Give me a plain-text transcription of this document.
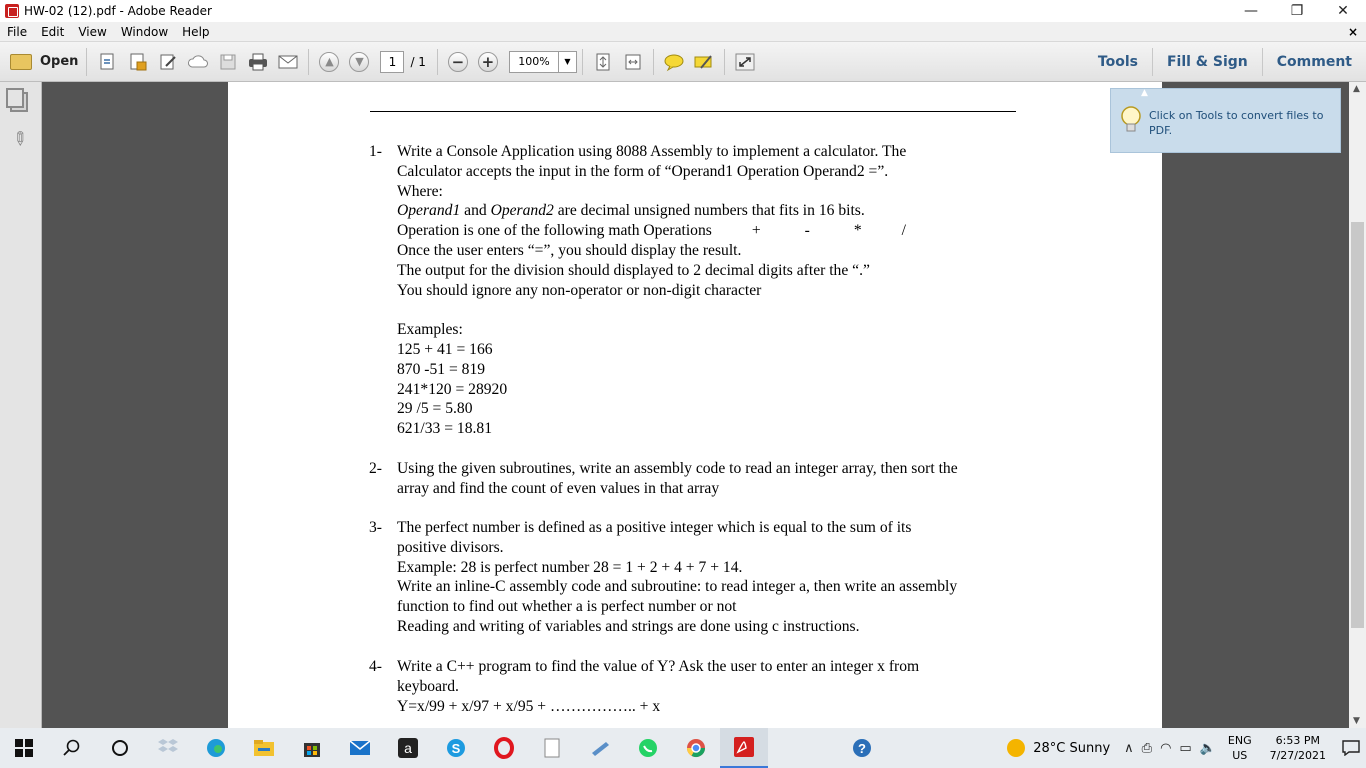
HW-02 (12).pdf - Adobe Reader	—	❐	✕
File	Edit	View	Window	Help	×
Open	▲	▼	1	/ 1 − +	100%	▼	Tools	Fill & Sign	Comment
✎	1- Write a Console Application using 8088 Assembly to implement a calculator. The

Calculator accepts the input in the form of “Operand1 Operation Operand2 =”.

Where:

Operand1 and Operand2 are decimal unsigned numbers that fits in 16 bits.

Operation is one of the following math Operations	+	-	*	/

Once the user enters “=”, you should display the result.

The output for the division should displayed to 2 decimal digits after the “.”

You should ignore any non-operator or non-digit character

Examples:

125 + 41 = 166

870 -51 = 819

241*120 = 28920

29 /5 = 5.80

621/33 = 18.81

2- Using the given subroutines, write an assembly code to read an integer array, then sort the

array and find the count of even values in that array

3- The perfect number is defined as a positive integer which is equal to the sum of its

positive divisors.

Example: 28 is perfect number 28 = 1 + 2 + 4 + 7 + 14.

Write an inline-C assembly code and subroutine: to read integer a, then write an assembly

function to find out whether a is perfect number or not

Reading and writing of variables and strings are done using c instructions.

4- Write a C++ program to find the value of Y? Ask the user to enter an integer x from

keyboard.

Y=x/99 + x/97 + x/95 + …………….. + x

▲
Click on Tools to convert files to
PDF.
▲
▼
a	S	?	28°C Sunny ∧ ⎙ ◠ ▭ 🔈 ENG
US
6:53 PM
7/27/2021
